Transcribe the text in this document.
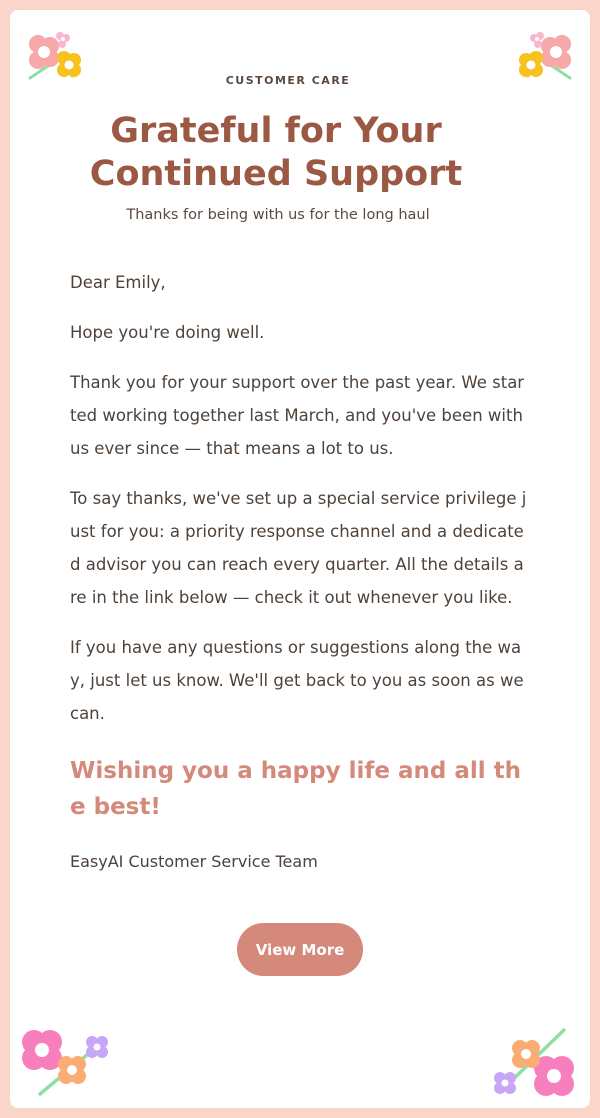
CUSTOMER CARE
Grateful for Your Continued Support
Thanks for being with us for the long haul

Dear Emily,

Hope you're doing well.

Thank you for your support over the past year. We started working together last March, and you've been with us ever since — that means a lot to us.

To say thanks, we've set up a special service privilege just for you: a priority response channel and a dedicated advisor you can reach every quarter. All the details are in the link below — check it out whenever you like.

If you have any questions or suggestions along the way, just let us know. We'll get back to you as soon as we can.

Wishing you a happy life and all the best!
EasyAI Customer Service Team
View More
